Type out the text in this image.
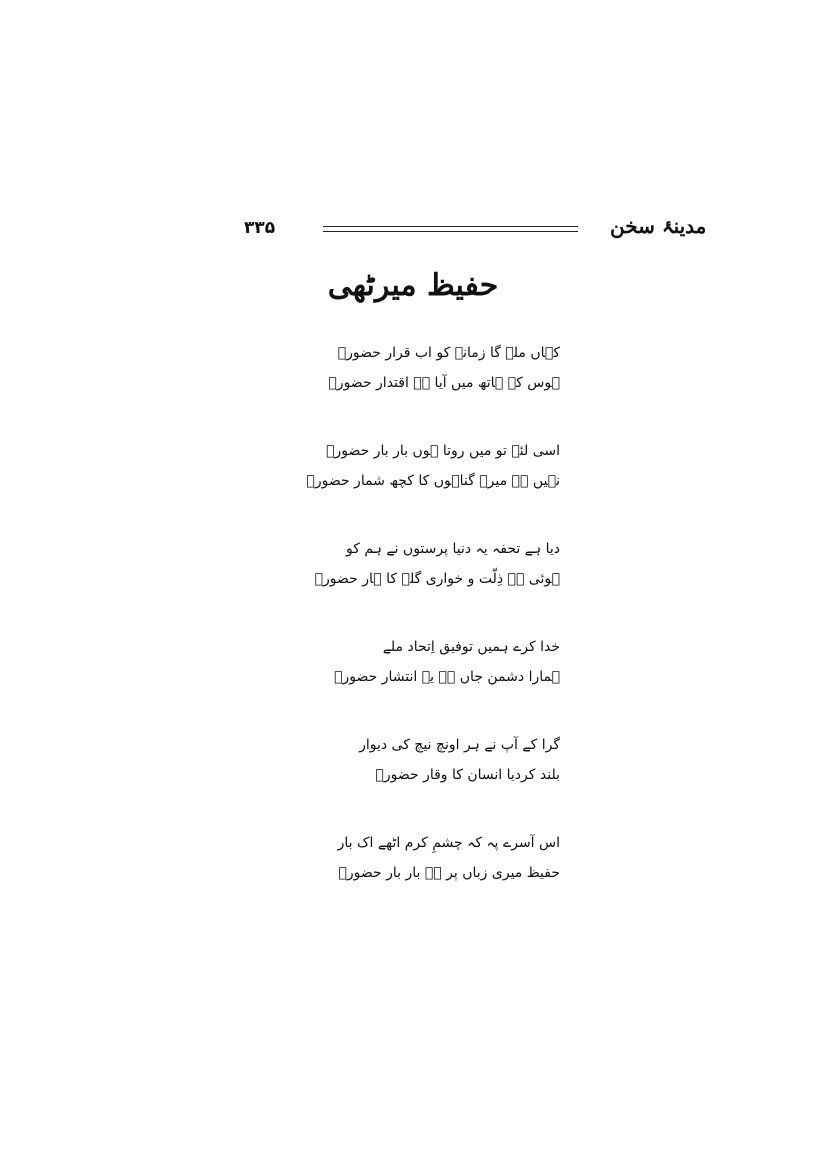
۳۳۵	مدینۂ سخن
حفیظ میرٹھی
کہاں ملے گا زمانے کو اب قرار حضورؐ
ہوس کے ہاتھ میں آیا ہے اقتدار حضورؐ
اسی لئے تو میں روتا ہوں بار بار حضورؐ
نہیں ہے میرے گناہوں کا کچھ شمار حضورؐ
دیا ہے تحفہ یہ دنیا پرستوں نے ہم کو
ہوئی ہے ذِلّت و خواری گلے کا ہار حضورؐ
خدا کرے ہمیں توفیق اِتحاد ملے
ہمارا دشمن جاں ہے یہ انتشار حضورؐ
گرا کے آپ نے ہر اونچ نیچ کی دیوار
بلند کردیا انسان کا وقار حضورؐ
اس آسرے پہ کہ چشمِ کرم اٹھے اک بار
حفیظ میری زباں پر ہے بار بار حضورؐ
